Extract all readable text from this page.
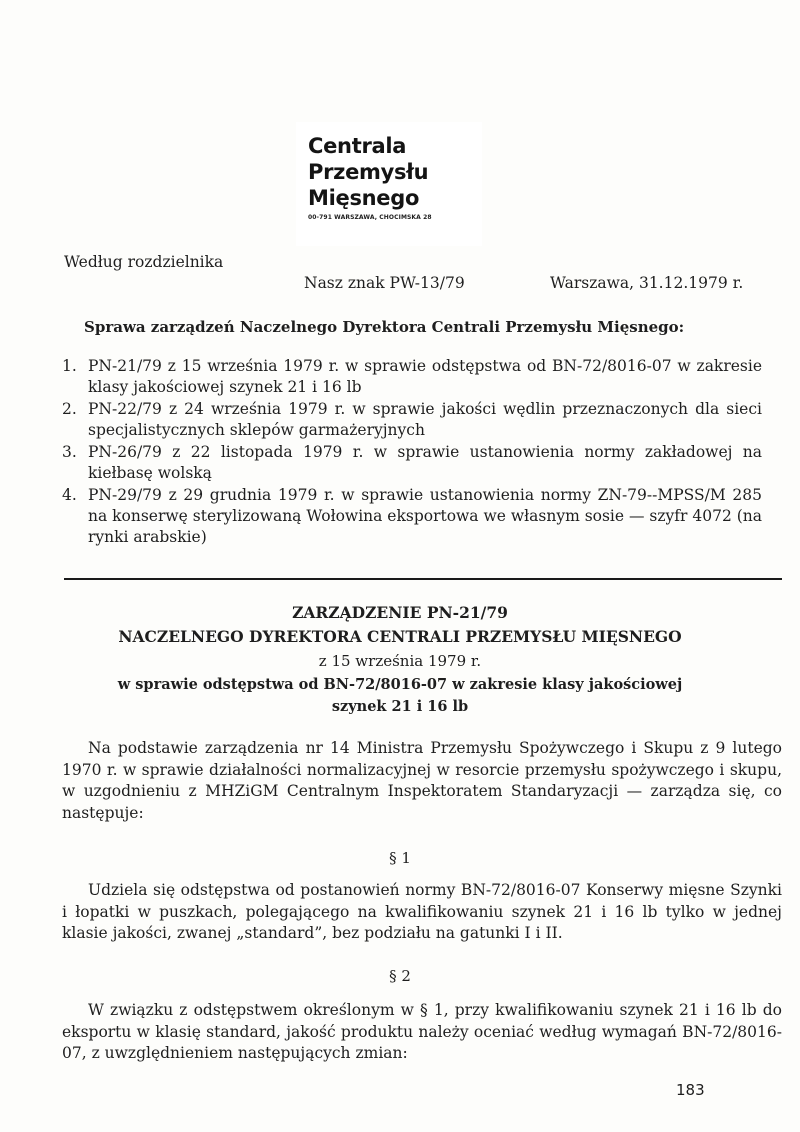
Centrala
Przemysłu
Mięsnego
00-791 WARSZAWA, CHOCIMSKA 28
Według rozdzielnika
Nasz znak PW-13/79	Warszawa, 31.12.1979 r.
Sprawa zarządzeń Naczelnego Dyrektora Centrali Przemysłu Mięsnego:
1. PN-21/79 z 15 września 1979 r. w sprawie odstępstwa od BN-72/8016-07 w zakresie klasy jakościowej szynek 21 i 16 lb
2. PN-22/79 z 24 września 1979 r. w sprawie jakości wędlin przeznaczonych dla sieci specjalistycznych sklepów garmażeryjnych
3. PN-26/79 z 22 listopada 1979 r. w sprawie ustanowienia normy zakładowej na kiełbasę wolską
4. PN-29/79 z 29 grudnia 1979 r. w sprawie ustanowienia normy ZN-79--MPSS/M 285 na konserwę sterylizowaną Wołowina eksportowa we własnym sosie — szyfr 4072 (na rynki arabskie)
ZARZĄDZENIE PN-21/79
NACZELNEGO DYREKTORA CENTRALI PRZEMYSŁU MIĘSNEGO
z 15 września 1979 r.
w sprawie odstępstwa od BN-72/8016-07 w zakresie klasy jakościowej
szynek 21 i 16 lb

Na podstawie zarządzenia nr 14 Ministra Przemysłu Spożywczego i Skupu z 9 lutego 1970 r. w sprawie działalności normalizacyjnej w resorcie przemysłu spożywczego i skupu, w uzgodnieniu z MHZiGM Centralnym Inspektoratem Standaryzacji — zarządza się, co następuje:

§ 1

Udziela się odstępstwa od postanowień normy BN-72/8016-07 Konserwy mięsne Szynki i łopatki w puszkach, polegającego na kwalifikowaniu szynek 21 i 16 lb tylko w jednej klasie jakości, zwanej „standard”, bez podziału na gatunki I i II.

§ 2

W związku z odstępstwem określonym w § 1, przy kwalifikowaniu szynek 21 i 16 lb do eksportu w klasię standard, jakość produktu należy oceniać według wymagań BN-72/8016-07, z uwzględnieniem następujących zmian:

183
